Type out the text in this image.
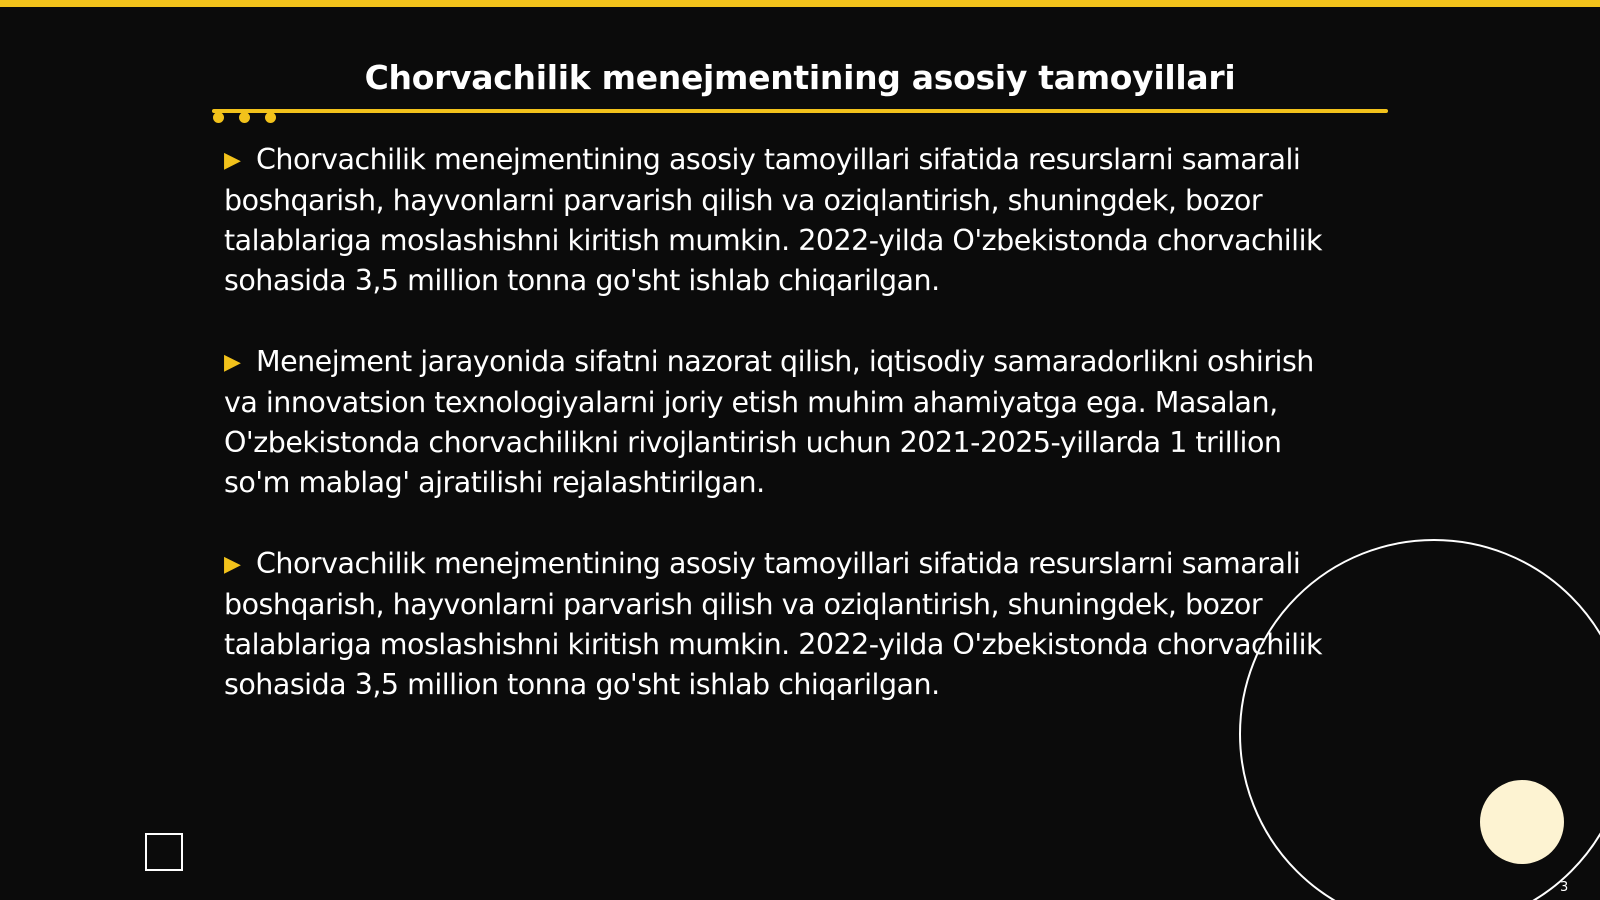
Chorvachilik menejmentining asosiy tamoyillari

▶ Chorvachilik menejmentining asosiy tamoyillari sifatida resurslarni samarali boshqarish, hayvonlarni parvarish qilish va oziqlantirish, shuningdek, bozor talablariga moslashishni kiritish mumkin. 2022-yilda O'zbekistonda chorvachilik sohasida 3,5 million tonna go'sht ishlab chiqarilgan.

▶ Menejment jarayonida sifatni nazorat qilish, iqtisodiy samaradorlikni oshirish va innovatsion texnologiyalarni joriy etish muhim ahamiyatga ega. Masalan, O'zbekistonda chorvachilikni rivojlantirish uchun 2021-2025-yillarda 1 trillion so'm mablag' ajratilishi rejalashtirilgan.

▶ Chorvachilik menejmentining asosiy tamoyillari sifatida resurslarni samarali boshqarish, hayvonlarni parvarish qilish va oziqlantirish, shuningdek, bozor talablariga moslashishni kiritish mumkin. 2022-yilda O'zbekistonda chorvachilik sohasida 3,5 million tonna go'sht ishlab chiqarilgan.

3
